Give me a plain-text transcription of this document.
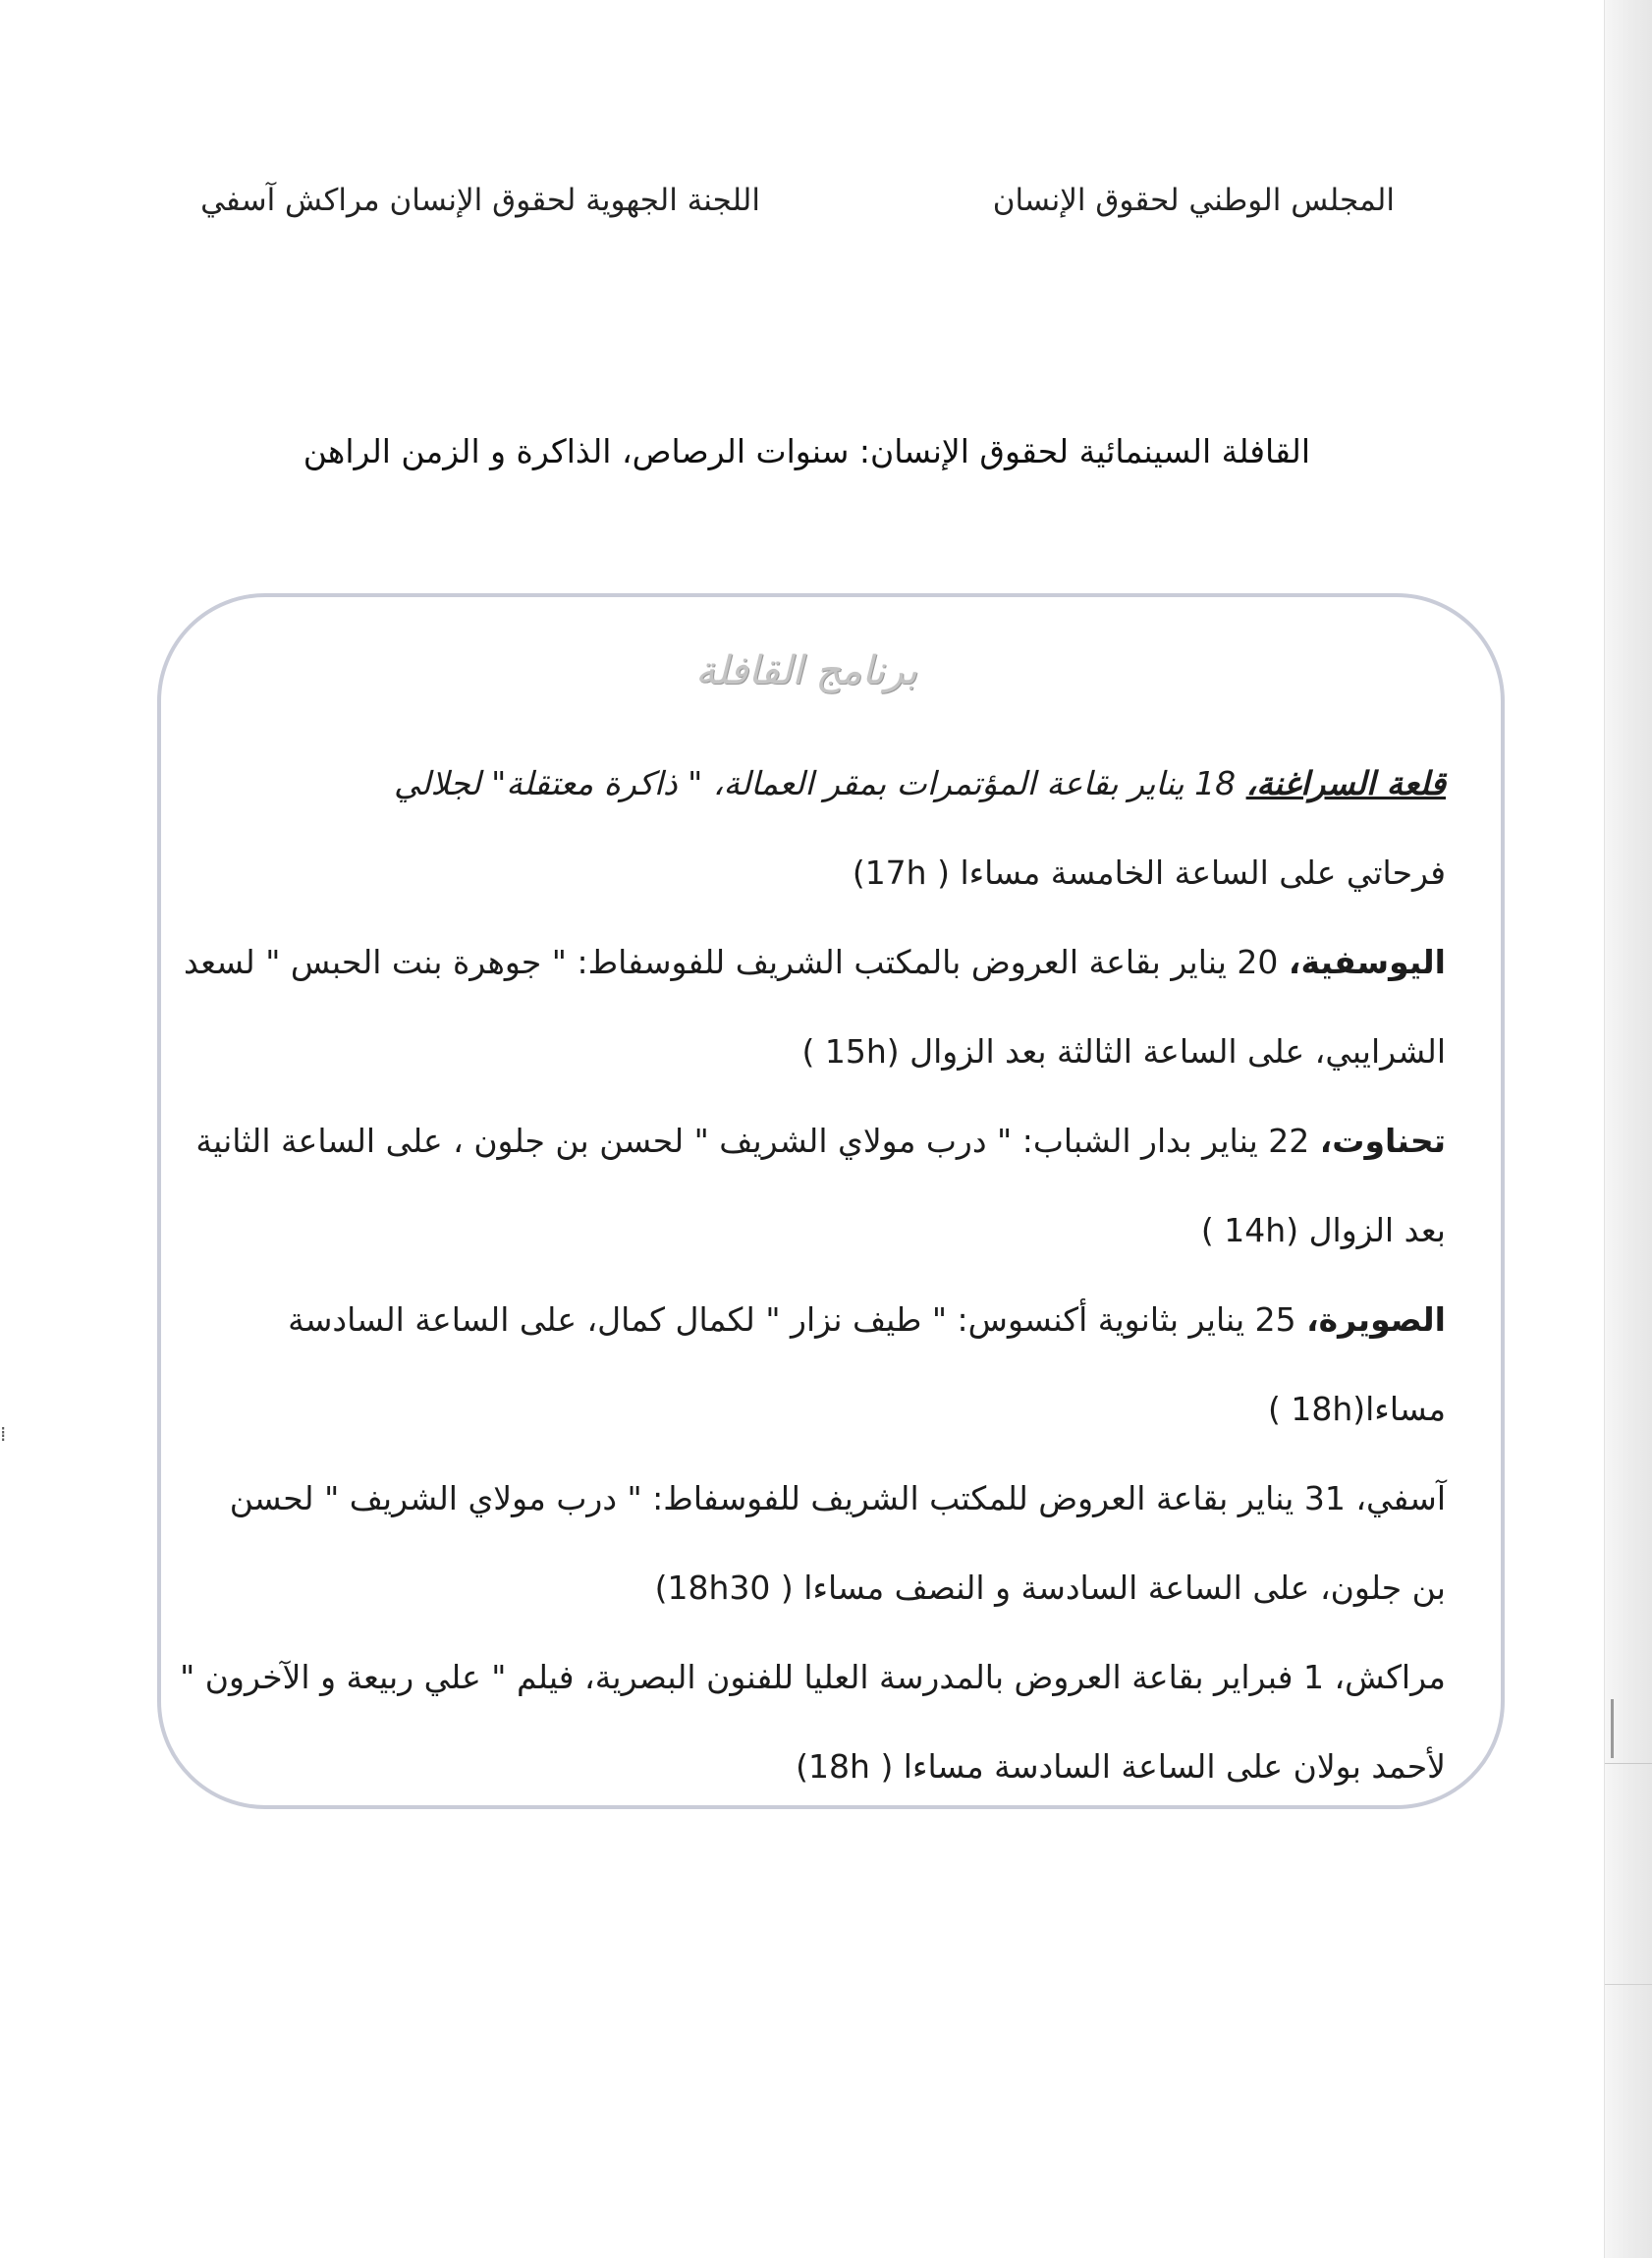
⁞
المجلس الوطني لحقوق الإنسان
اللجنة الجهوية لحقوق الإنسان مراكش آسفي
القافلة السينمائية لحقوق الإنسان: سنوات الرصاص، الذاكرة و الزمن الراهن
برنامج القافلة

قلعة السراغنة، 18 يناير بقاعة المؤتمرات بمقر العمالة، " ذاكرة معتقلة" لجلالي

فرحاتي على الساعة الخامسة مساءا ( 17h)

اليوسفية، 20 يناير بقاعة العروض بالمكتب الشريف للفوسفاط: " جوهرة بنت الحبس " لسعد

الشرايبي، على الساعة الثالثة بعد الزوال (15h )

تحناوت، 22 يناير بدار الشباب: " درب مولاي الشريف " لحسن بن جلون ، على الساعة الثانية

بعد الزوال (14h )

الصويرة، 25 يناير بثانوية أكنسوس: " طيف نزار " لكمال كمال، على الساعة السادسة

مساءا(18h )

آسفي، 31 يناير بقاعة العروض للمكتب الشريف للفوسفاط: " درب مولاي الشريف " لحسن

بن جلون، على الساعة السادسة و النصف مساءا ( 18h30)

مراكش، 1 فبراير بقاعة العروض بالمدرسة العليا للفنون البصرية، فيلم " علي ربيعة و الآخرون "

لأحمد بولان على الساعة السادسة مساءا ( 18h)
